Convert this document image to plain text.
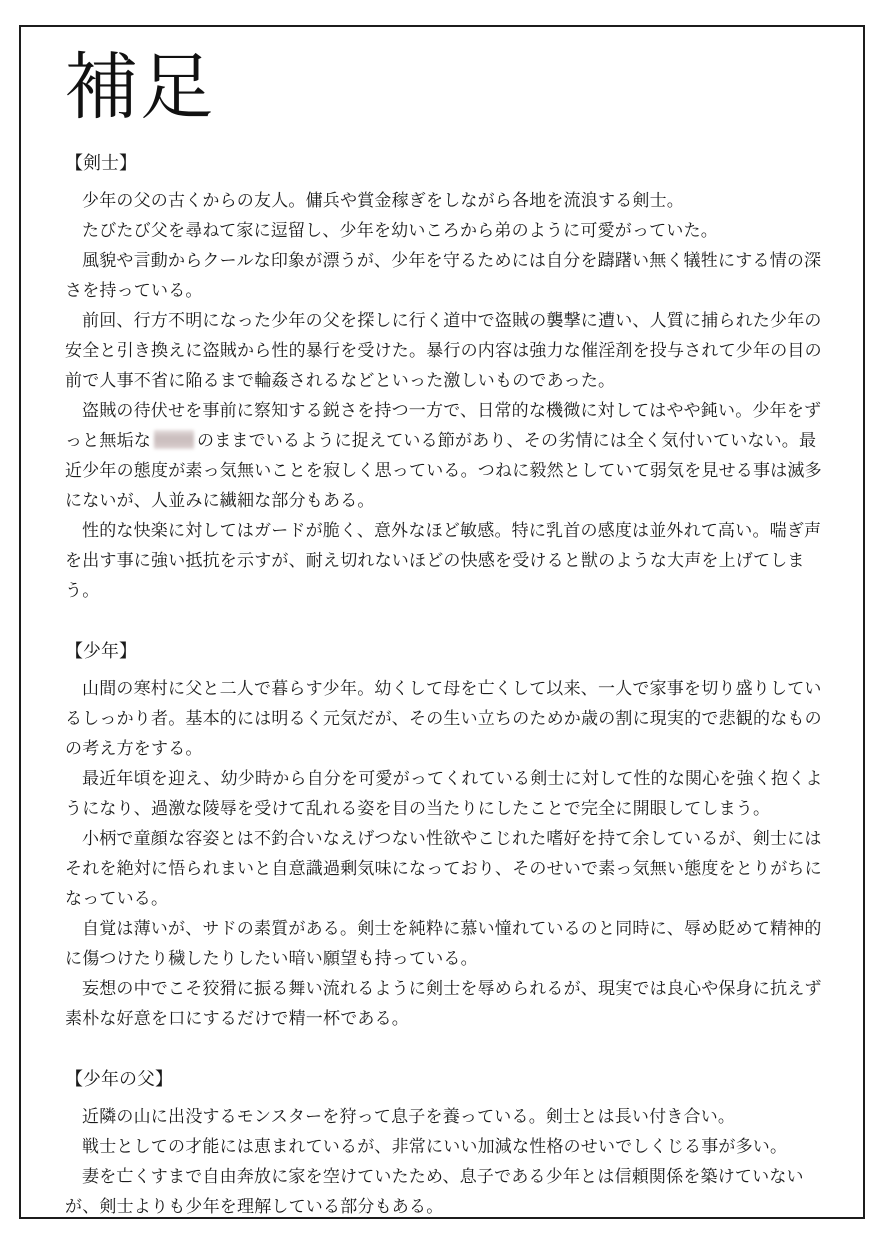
補足
【剣士】

少年の父の古くからの友人。傭兵や賞金稼ぎをしながら各地を流浪する剣士。

たびたび父を尋ねて家に逗留し、少年を幼いころから弟のように可愛がっていた。

風貌や言動からクールな印象が漂うが、少年を守るためには自分を躊躇い無く犠牲にする情の深さを持っている。

前回、行方不明になった少年の父を探しに行く道中で盗賊の襲撃に遭い、人質に捕られた少年の安全と引き換えに盗賊から性的暴行を受けた。暴行の内容は強力な催淫剤を投与されて少年の目の前で人事不省に陥るまで輪姦されるなどといった激しいものであった。

盗賊の待伏せを事前に察知する鋭さを持つ一方で、日常的な機微に対してはやや鈍い。少年をずっと無垢な	のままでいるように捉えている節があり、その劣情には全く気付いていない。最近少年の態度が素っ気無いことを寂しく思っている。つねに毅然としていて弱気を見せる事は滅多にないが、人並みに繊細な部分もある。

性的な快楽に対してはガードが脆く、意外なほど敏感。特に乳首の感度は並外れて高い。喘ぎ声を出す事に強い抵抗を示すが、耐え切れないほどの快感を受けると獣のような大声を上げてしまう。

【少年】

山間の寒村に父と二人で暮らす少年。幼くして母を亡くして以来、一人で家事を切り盛りしているしっかり者。基本的には明るく元気だが、その生い立ちのためか歳の割に現実的で悲観的なものの考え方をする。

最近年頃を迎え、幼少時から自分を可愛がってくれている剣士に対して性的な関心を強く抱くようになり、過激な陵辱を受けて乱れる姿を目の当たりにしたことで完全に開眼してしまう。

小柄で童顔な容姿とは不釣合いなえげつない性欲やこじれた嗜好を持て余しているが、剣士にはそれを絶対に悟られまいと自意識過剰気味になっており、そのせいで素っ気無い態度をとりがちになっている。

自覚は薄いが、サドの素質がある。剣士を純粋に慕い憧れているのと同時に、辱め貶めて精神的に傷つけたり穢したりしたい暗い願望も持っている。

妄想の中でこそ狡猾に振る舞い流れるように剣士を辱められるが、現実では良心や保身に抗えず素朴な好意を口にするだけで精一杯である。

【少年の父】

近隣の山に出没するモンスターを狩って息子を養っている。剣士とは長い付き合い。

戦士としての才能には恵まれているが、非常にいい加減な性格のせいでしくじる事が多い。

妻を亡くすまで自由奔放に家を空けていたため、息子である少年とは信頼関係を築けていないが、剣士よりも少年を理解している部分もある。
